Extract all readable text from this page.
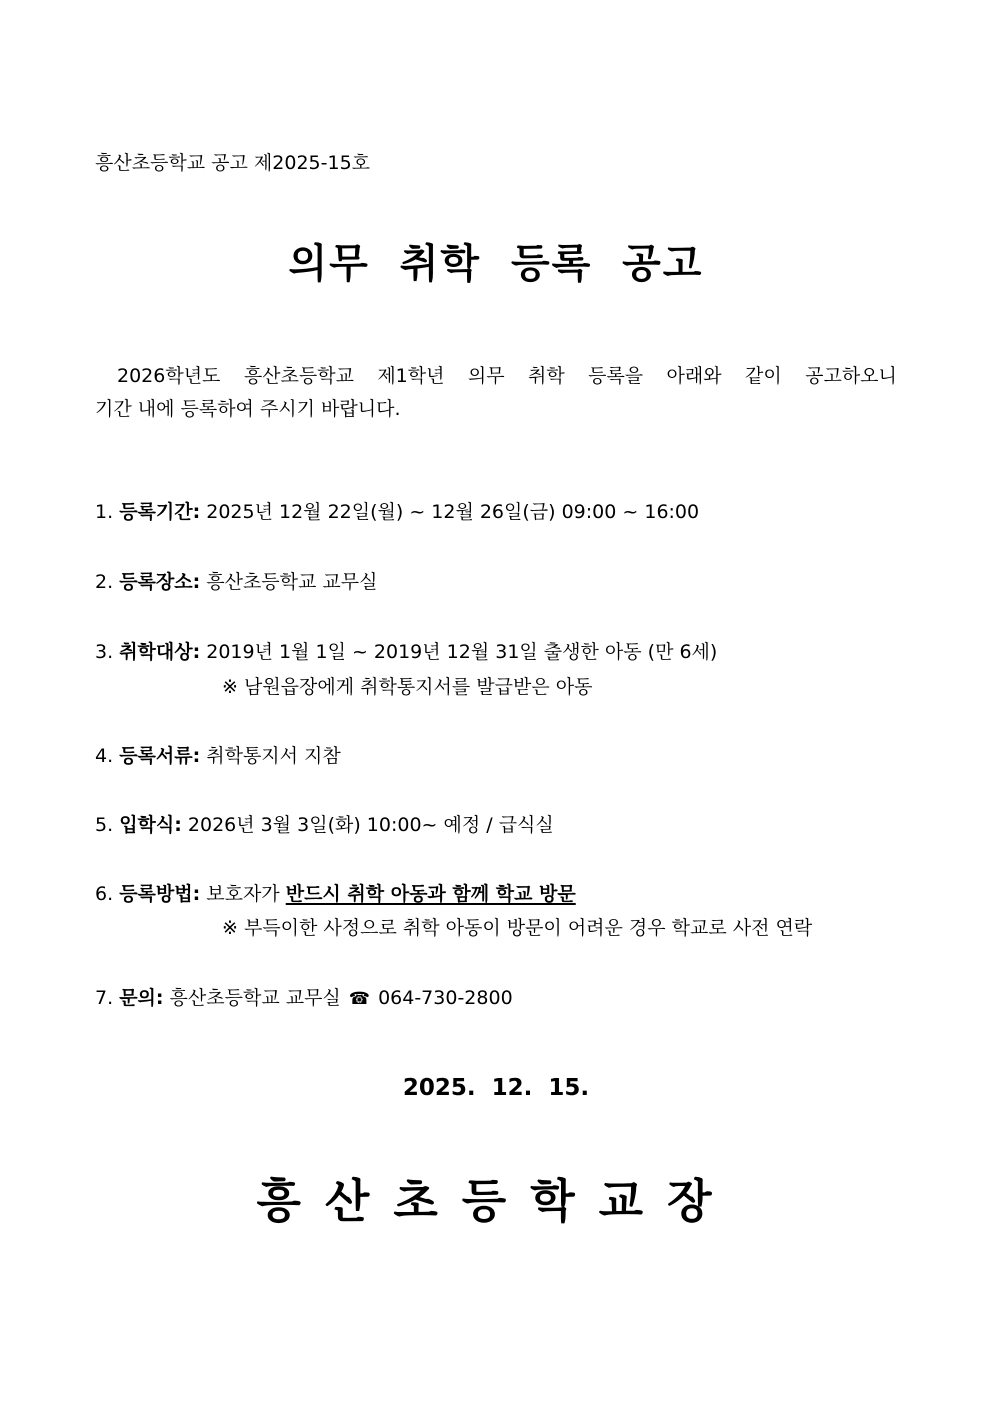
흥산초등학교 공고 제2025-15호
의무 취학 등록 공고
2026학년도 흥산초등학교 제1학년 의무 취학 등록을 아래와 같이 공고하오니
기간 내에 등록하여 주시기 바랍니다.
1. 등록기간: 2025년 12월 22일(월) ~ 12월 26일(금) 09:00 ~ 16:00
2. 등록장소: 흥산초등학교 교무실
3. 취학대상: 2019년 1월 1일 ~ 2019년 12월 31일 출생한 아동 (만 6세)
※ 남원읍장에게 취학통지서를 발급받은 아동
4. 등록서류: 취학통지서 지참
5. 입학식: 2026년 3월 3일(화) 10:00~ 예정 / 급식실
6. 등록방법: 보호자가 반드시 취학 아동과 함께 학교 방문
※ 부득이한 사정으로 취학 아동이 방문이 어려운 경우 학교로 사전 연락
7. 문의: 흥산초등학교 교무실 ☎ 064-730-2800
2025.  12.  15.
흥산초등학교장
